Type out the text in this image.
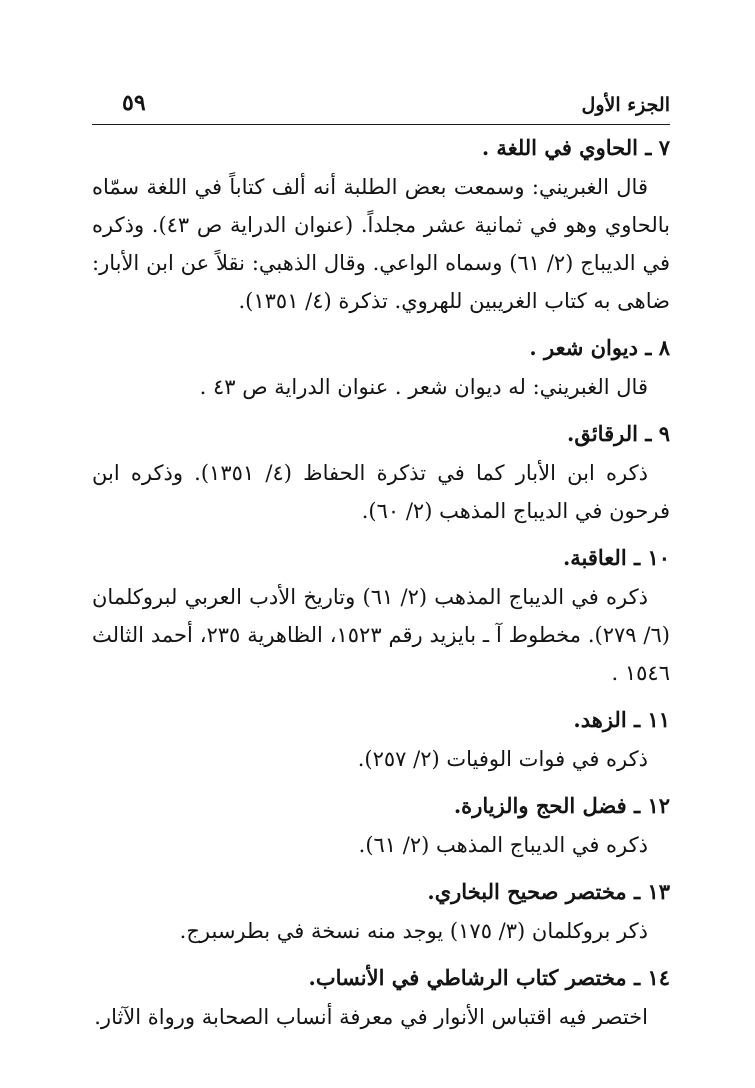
الجزء الأول
٥٩

٧ ـ الحاوي في اللغة .

قال الغبريني: وسمعت بعض الطلبة أنه ألف كتاباً في اللغة سمّاه بالحاوي وهو في ثمانية عشر مجلداً. (عنوان الدراية ص ٤٣). وذكره في الديباج (٢/ ٦١) وسماه الواعي. وقال الذهبي: نقلاً عن ابن الأبار: ضاهى به كتاب الغريبين للهروي. تذكرة (٤/ ١٣٥١).

٨ ـ ديوان شعر .

قال الغبريني: له ديوان شعر . عنوان الدراية ص ٤٣ .

٩ ـ الرقائق.

ذكره ابن الأبار كما في تذكرة الحفاظ (٤/ ١٣٥١). وذكره ابن فرحون في الديباج المذهب (٢/ ٦٠).

١٠ ـ العاقبة.

ذكره في الديباج المذهب (٢/ ٦١) وتاريخ الأدب العربي لبروكلمان (٦/ ٢٧٩). مخطوط آ ـ بايزيد رقم ١٥٢٣، الظاهرية ٢٣٥، أحمد الثالث ١٥٤٦ .

١١ ـ الزهد.

ذكره في فوات الوفيات (٢/ ٢٥٧).

١٢ ـ فضل الحج والزيارة.

ذكره في الديباج المذهب (٢/ ٦١).

١٣ ـ مختصر صحيح البخاري.

ذكر بروكلمان (٣/ ١٧٥) يوجد منه نسخة في بطرسبرج.

١٤ ـ مختصر كتاب الرشاطي في الأنساب.

اختصر فيه اقتباس الأنوار في معرفة أنساب الصحابة ورواة الآثار.
